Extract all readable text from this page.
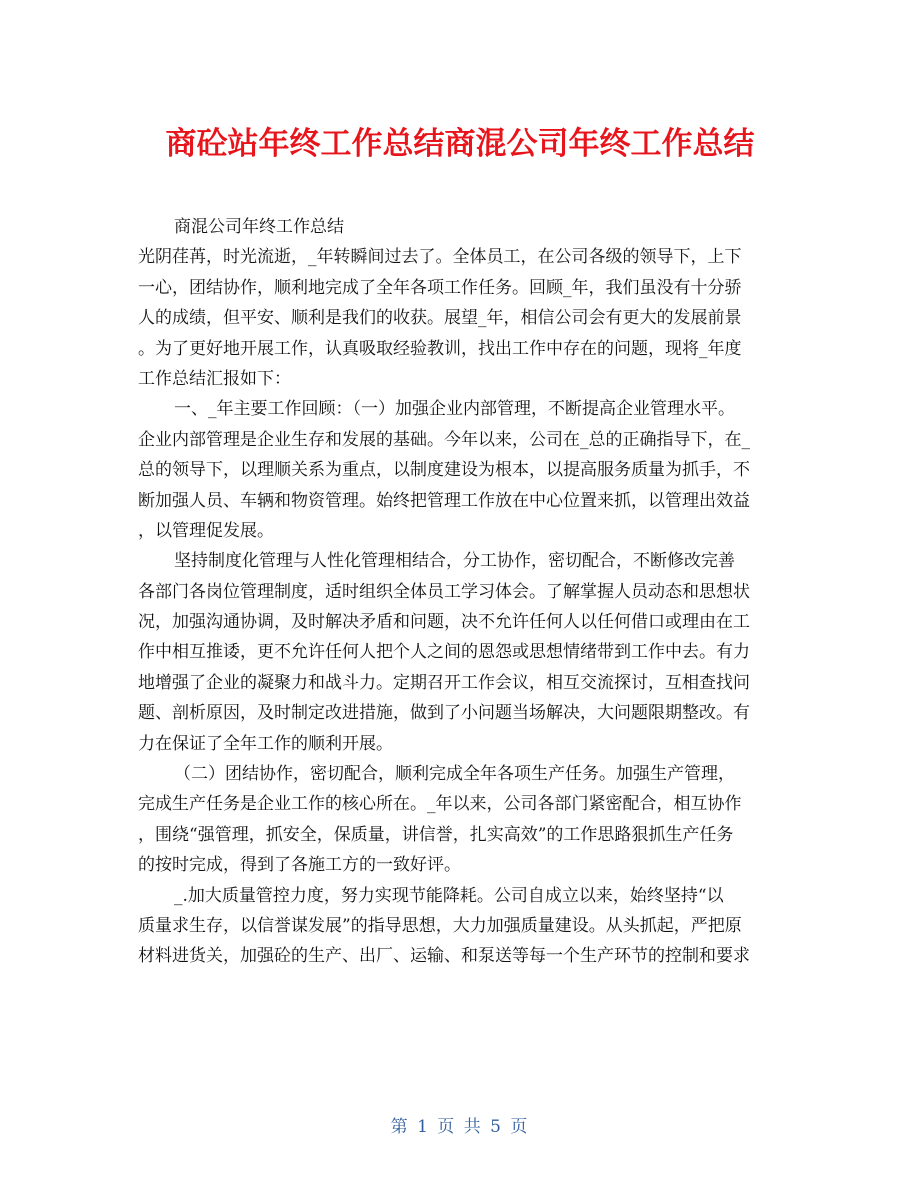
商砼站年终工作总结商混公司年终工作总结
商混公司年终工作总结
光阴荏苒，时光流逝，_年转瞬间过去了。全体员工，在公司各级的领导下，上下
一心，团结协作，顺利地完成了全年各项工作任务。回顾_年，我们虽没有十分骄
人的成绩，但平安、顺利是我们的收获。展望_年，相信公司会有更大的发展前景
。为了更好地开展工作，认真吸取经验教训，找出工作中存在的问题，现将_年度
工作总结汇报如下：
一、_年主要工作回顾：（一）加强企业内部管理，不断提高企业管理水平。
企业内部管理是企业生存和发展的基础。今年以来，公司在_总的正确指导下，在_
总的领导下，以理顺关系为重点，以制度建设为根本，以提高服务质量为抓手，不
断加强人员、车辆和物资管理。始终把管理工作放在中心位置来抓，以管理出效益
，以管理促发展。
坚持制度化管理与人性化管理相结合，分工协作，密切配合，不断修改完善
各部门各岗位管理制度，适时组织全体员工学习体会。了解掌握人员动态和思想状
况，加强沟通协调，及时解决矛盾和问题，决不允许任何人以任何借口或理由在工
作中相互推诿，更不允许任何人把个人之间的恩怨或思想情绪带到工作中去。有力
地增强了企业的凝聚力和战斗力。定期召开工作会议，相互交流探讨，互相查找问
题、剖析原因，及时制定改进措施，做到了小问题当场解决，大问题限期整改。有
力在保证了全年工作的顺利开展。
（二）团结协作，密切配合，顺利完成全年各项生产任务。加强生产管理，
完成生产任务是企业工作的核心所在。_年以来，公司各部门紧密配合，相互协作
，围绕“强管理，抓安全，保质量，讲信誉，扎实高效”的工作思路狠抓生产任务
的按时完成，得到了各施工方的一致好评。
_.加大质量管控力度，努力实现节能降耗。公司自成立以来，始终坚持“以
质量求生存，以信誉谋发展”的指导思想，大力加强质量建设。从头抓起，严把原
材料进货关，加强砼的生产、出厂、运输、和泵送等每一个生产环节的控制和要求
第 1 页 共 5 页
